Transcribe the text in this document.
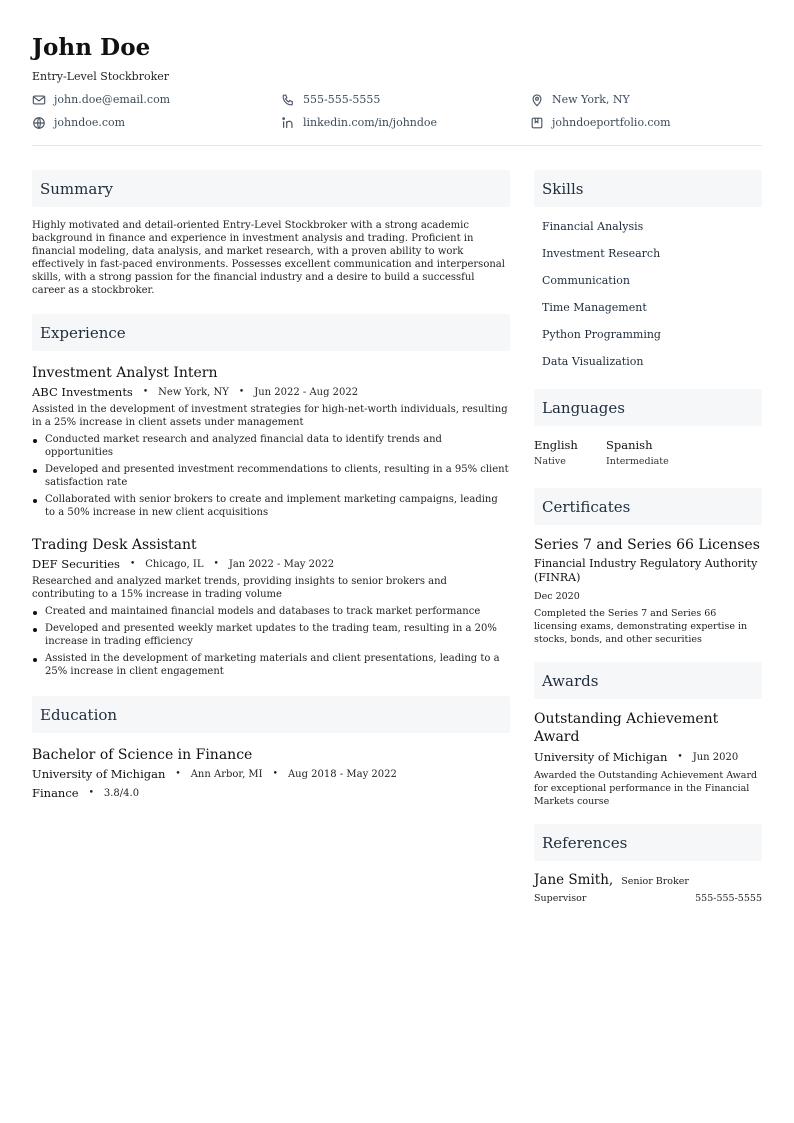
John Doe
Entry-Level Stockbroker
john.doe@email.com	555-555-5555	New York, NY
johndoe.com	linkedin.com/in/johndoe	johndoeportfolio.com
Summary

Highly motivated and detail-oriented Entry-Level Stockbroker with a strong academic background in finance and experience in investment analysis and trading. Proficient in financial modeling, data analysis, and market research, with a proven ability to work effectively in fast-paced environments. Possesses excellent communication and interpersonal skills, with a strong passion for the financial industry and a desire to build a successful career as a stockbroker.

Experience
Investment Analyst Intern
ABC Investments • New York, NY • Jun 2022 - Aug 2022

Assisted in the development of investment strategies for high-net-worth individuals, resulting in a 25% increase in client assets under management

Conducted market research and analyzed financial data to identify trends and opportunities
Developed and presented investment recommendations to clients, resulting in a 95% client satisfaction rate
Collaborated with senior brokers to create and implement marketing campaigns, leading to a 50% increase in new client acquisitions
Trading Desk Assistant
DEF Securities • Chicago, IL • Jan 2022 - May 2022

Researched and analyzed market trends, providing insights to senior brokers and contributing to a 15% increase in trading volume

Created and maintained financial models and databases to track market performance
Developed and presented weekly market updates to the trading team, resulting in a 20% increase in trading efficiency
Assisted in the development of marketing materials and client presentations, leading to a 25% increase in client engagement
Education
Bachelor of Science in Finance
University of Michigan • Ann Arbor, MI • Aug 2018 - May 2022
Finance • 3.8/4.0
Skills
Financial Analysis
Investment Research
Communication
Time Management
Python Programming
Data Visualization
Languages
English
Native
Spanish
Intermediate
Certificates
Series 7 and Series 66 Licenses
Financial Industry Regulatory Authority (FINRA)
Dec 2020

Completed the Series 7 and Series 66 licensing exams, demonstrating expertise in stocks, bonds, and other securities

Awards
Outstanding Achievement Award
University of Michigan • Jun 2020

Awarded the Outstanding Achievement Award for exceptional performance in the Financial Markets course

References
Jane Smith, Senior Broker
Supervisor	555-555-5555
